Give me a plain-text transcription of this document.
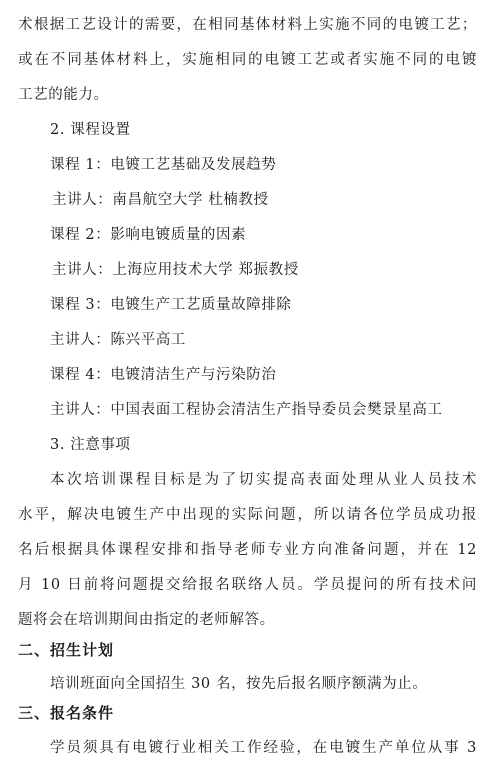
术根据工艺设计的需要，在相同基体材料上实施不同的电镀工艺；
或在不同基体材料上，实施相同的电镀工艺或者实施不同的电镀
工艺的能力。
2. 课程设置
课程 1：电镀工艺基础及发展趋势
主讲人：南昌航空大学 杜楠教授
课程 2：影响电镀质量的因素
主讲人：上海应用技术大学 郑振教授
课程 3：电镀生产工艺质量故障排除
主讲人：陈兴平高工
课程 4：电镀清洁生产与污染防治
主讲人：中国表面工程协会清洁生产指导委员会樊景星高工
3. 注意事项
本次培训课程目标是为了切实提高表面处理从业人员技术
水平，解决电镀生产中出现的实际问题，所以请各位学员成功报
名后根据具体课程安排和指导老师专业方向准备问题，并在 12
月 10 日前将问题提交给报名联络人员。学员提问的所有技术问
题将会在培训期间由指定的老师解答。
二、招生计划
培训班面向全国招生 30 名，按先后报名顺序额满为止。
三、报名条件
学员须具有电镀行业相关工作经验，在电镀生产单位从事 3
